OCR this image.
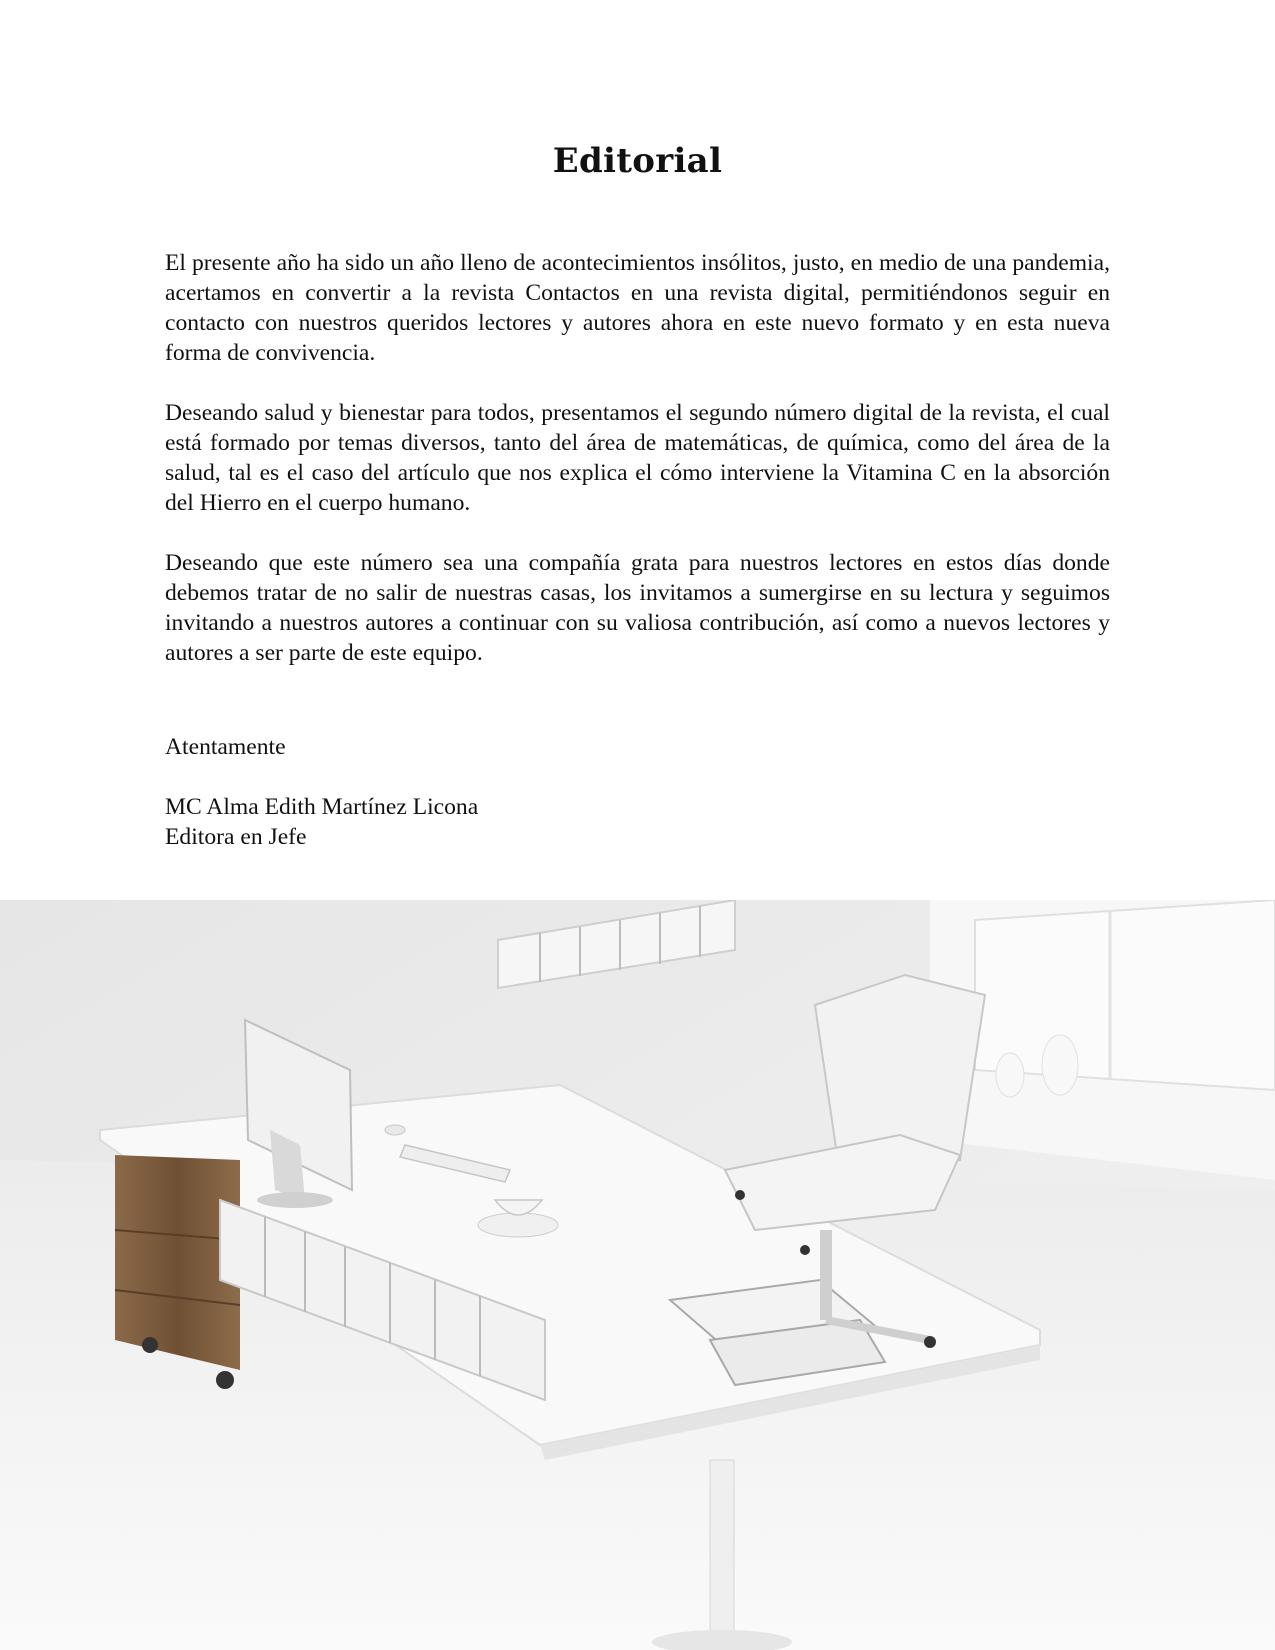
Editorial

El presente año ha sido un año lleno de acontecimientos insólitos, justo, en medio de una pandemia, acertamos en convertir a la revista Contactos en una revista digital, permitiéndonos seguir en contacto con nuestros queridos lectores y autores ahora en este nuevo formato y en esta nueva forma de convivencia.

Deseando salud y bienestar para todos, presentamos el segundo número digital de la revista, el cual está formado por temas diversos, tanto del área de matemáticas, de química, como del área de la salud, tal es el caso del artículo que nos explica el cómo interviene la Vitamina C en la absorción del Hierro en el cuerpo humano.

Deseando que este número sea una compañía grata para nuestros lectores en estos días donde debemos tratar de no salir de nuestras casas, los invitamos a sumergirse en su lectura y seguimos invitando a nuestros autores a continuar con su valiosa contribución, así como a nuevos lectores y autores a ser parte de este equipo.

Atentamente
MC Alma Edith Martínez Licona
Editora en Jefe
